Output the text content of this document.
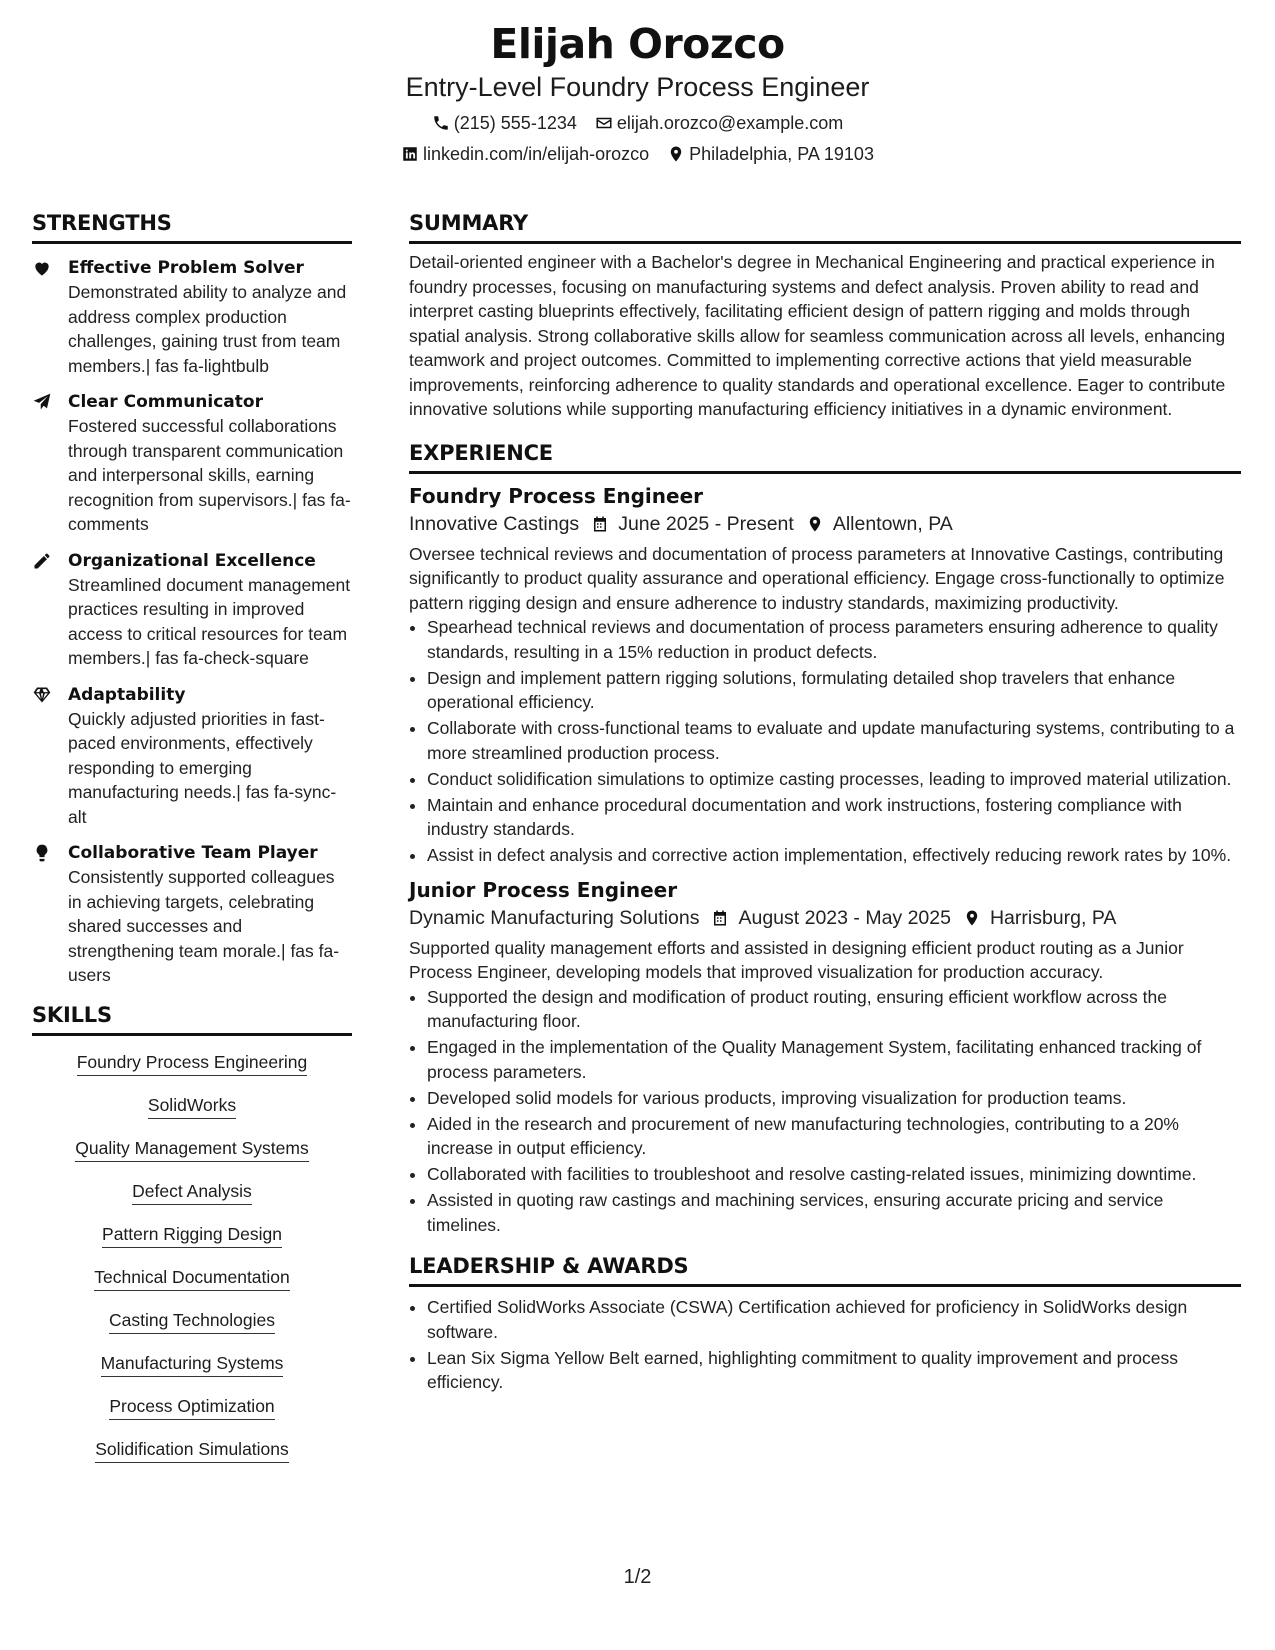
Elijah Orozco
Entry-Level Foundry Process Engineer
(215) 555-1234 elijah.orozco@example.com
linkedin.com/in/elijah-orozco Philadelphia, PA 19103
STRENGTHS
Effective Problem Solver
Demonstrated ability to analyze and address complex production challenges, gaining trust from team members.| fas fa-lightbulb
Clear Communicator
Fostered successful collaborations through transparent communication and interpersonal skills, earning recognition from supervisors.| fas fa-comments
Organizational Excellence
Streamlined document management practices resulting in improved access to critical resources for team members.| fas fa-check-square
Adaptability
Quickly adjusted priorities in fast-paced environments, effectively responding to emerging manufacturing needs.| fas fa-sync-alt
Collaborative Team Player
Consistently supported colleagues in achieving targets, celebrating shared successes and strengthening team morale.| fas fa-users
SKILLS
Foundry Process Engineering
SolidWorks
Quality Management Systems
Defect Analysis
Pattern Rigging Design
Technical Documentation
Casting Technologies
Manufacturing Systems
Process Optimization
Solidification Simulations
SUMMARY

Detail-oriented engineer with a Bachelor's degree in Mechanical Engineering and practical experience in foundry processes, focusing on manufacturing systems and defect analysis. Proven ability to read and interpret casting blueprints effectively, facilitating efficient design of pattern rigging and molds through spatial analysis. Strong collaborative skills allow for seamless communication across all levels, enhancing teamwork and project outcomes. Committed to implementing corrective actions that yield measurable improvements, reinforcing adherence to quality standards and operational excellence. Eager to contribute innovative solutions while supporting manufacturing efficiency initiatives in a dynamic environment.

EXPERIENCE
Foundry Process Engineer
Innovative Castings June 2025 - Present Allentown, PA

Oversee technical reviews and documentation of process parameters at Innovative Castings, contributing significantly to product quality assurance and operational efficiency. Engage cross-functionally to optimize pattern rigging design and ensure adherence to industry standards, maximizing productivity.

• Spearhead technical reviews and documentation of process parameters ensuring adherence to quality standards, resulting in a 15% reduction in product defects.
• Design and implement pattern rigging solutions, formulating detailed shop travelers that enhance operational efficiency.
• Collaborate with cross-functional teams to evaluate and update manufacturing systems, contributing to a more streamlined production process.
• Conduct solidification simulations to optimize casting processes, leading to improved material utilization.
• Maintain and enhance procedural documentation and work instructions, fostering compliance with industry standards.
• Assist in defect analysis and corrective action implementation, effectively reducing rework rates by 10%.
Junior Process Engineer
Dynamic Manufacturing Solutions August 2023 - May 2025 Harrisburg, PA

Supported quality management efforts and assisted in designing efficient product routing as a Junior Process Engineer, developing models that improved visualization for production accuracy.

• Supported the design and modification of product routing, ensuring efficient workflow across the manufacturing floor.
• Engaged in the implementation of the Quality Management System, facilitating enhanced tracking of process parameters.
• Developed solid models for various products, improving visualization for production teams.
• Aided in the research and procurement of new manufacturing technologies, contributing to a 20% increase in output efficiency.
• Collaborated with facilities to troubleshoot and resolve casting-related issues, minimizing downtime.
• Assisted in quoting raw castings and machining services, ensuring accurate pricing and service timelines.
LEADERSHIP & AWARDS
• Certified SolidWorks Associate (CSWA) Certification achieved for proficiency in SolidWorks design software.
• Lean Six Sigma Yellow Belt earned, highlighting commitment to quality improvement and process efficiency.
1/2
